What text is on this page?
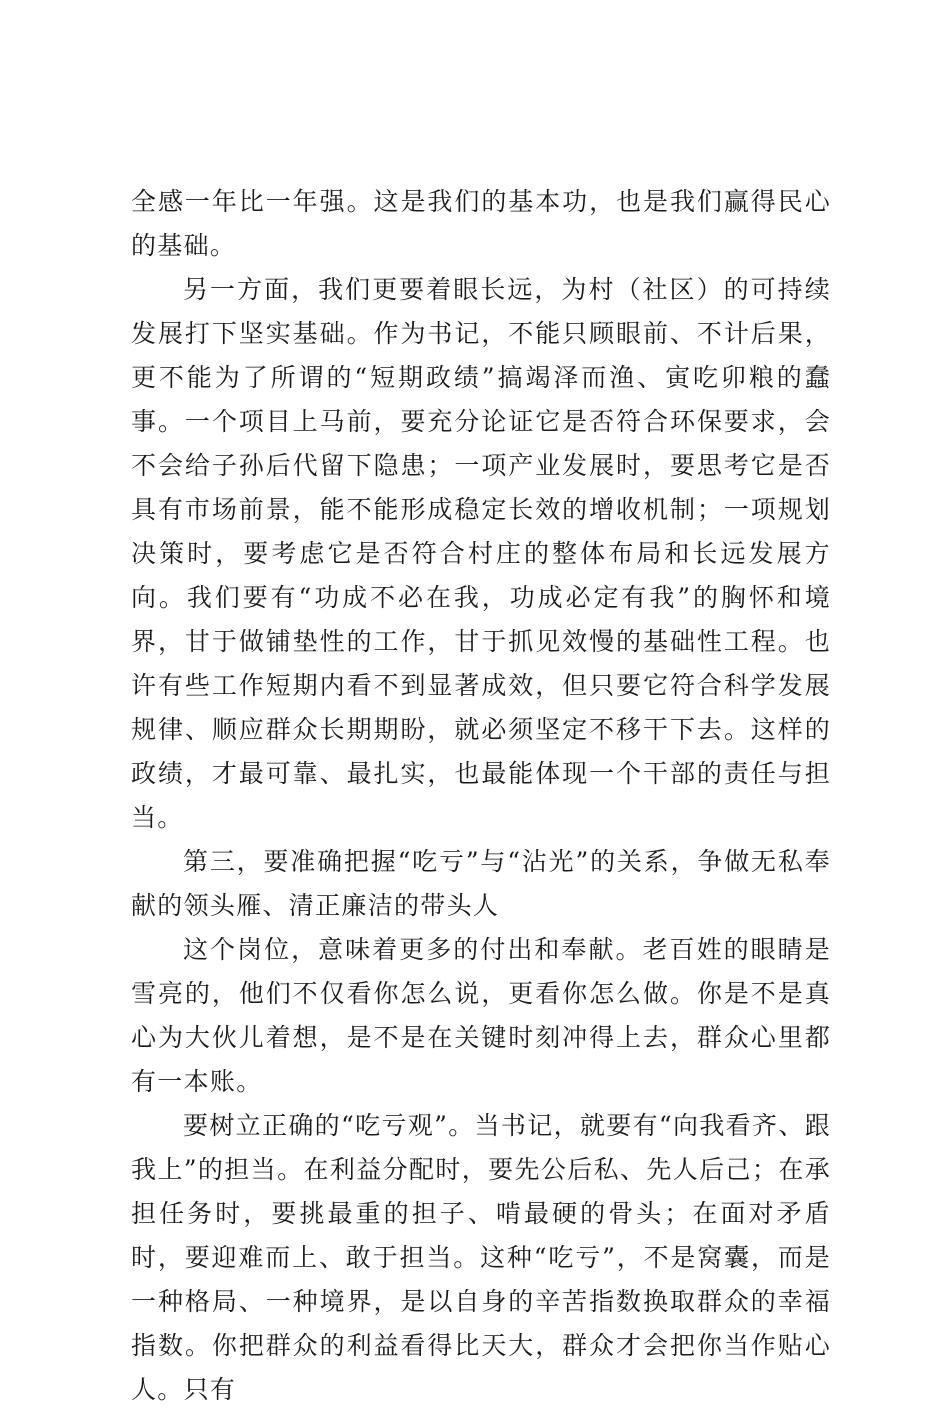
全感一年比一年强。这是我们的基本功，也是我们赢得民心的基础。

另一方面，我们更要着眼长远，为村（社区）的可持续发展打下坚实基础。作为书记，不能只顾眼前、不计后果，更不能为了所谓的“短期政绩”搞竭泽而渔、寅吃卯粮的蠢事。一个项目上马前，要充分论证它是否符合环保要求，会不会给子孙后代留下隐患；一项产业发展时，要思考它是否具有市场前景，能不能形成稳定长效的增收机制；一项规划决策时，要考虑它是否符合村庄的整体布局和长远发展方向。我们要有“功成不必在我，功成必定有我”的胸怀和境界，甘于做铺垫性的工作，甘于抓见效慢的基础性工程。也许有些工作短期内看不到显著成效，但只要它符合科学发展规律、顺应群众长期期盼，就必须坚定不移干下去。这样的政绩，才最可靠、最扎实，也最能体现一个干部的责任与担当。

第三，要准确把握“吃亏”与“沾光”的关系，争做无私奉献的领头雁、清正廉洁的带头人

这个岗位，意味着更多的付出和奉献。老百姓的眼睛是雪亮的，他们不仅看你怎么说，更看你怎么做。你是不是真心为大伙儿着想，是不是在关键时刻冲得上去，群众心里都有一本账。

要树立正确的“吃亏观”。当书记，就要有“向我看齐、跟我上”的担当。在利益分配时，要先公后私、先人后己；在承担任务时，要挑最重的担子、啃最硬的骨头；在面对矛盾时，要迎难而上、敢于担当。这种“吃亏”，不是窝囊，而是一种格局、一种境界，是以自身的辛苦指数换取群众的幸福指数。你把群众的利益看得比天大，群众才会把你当作贴心人。只有
